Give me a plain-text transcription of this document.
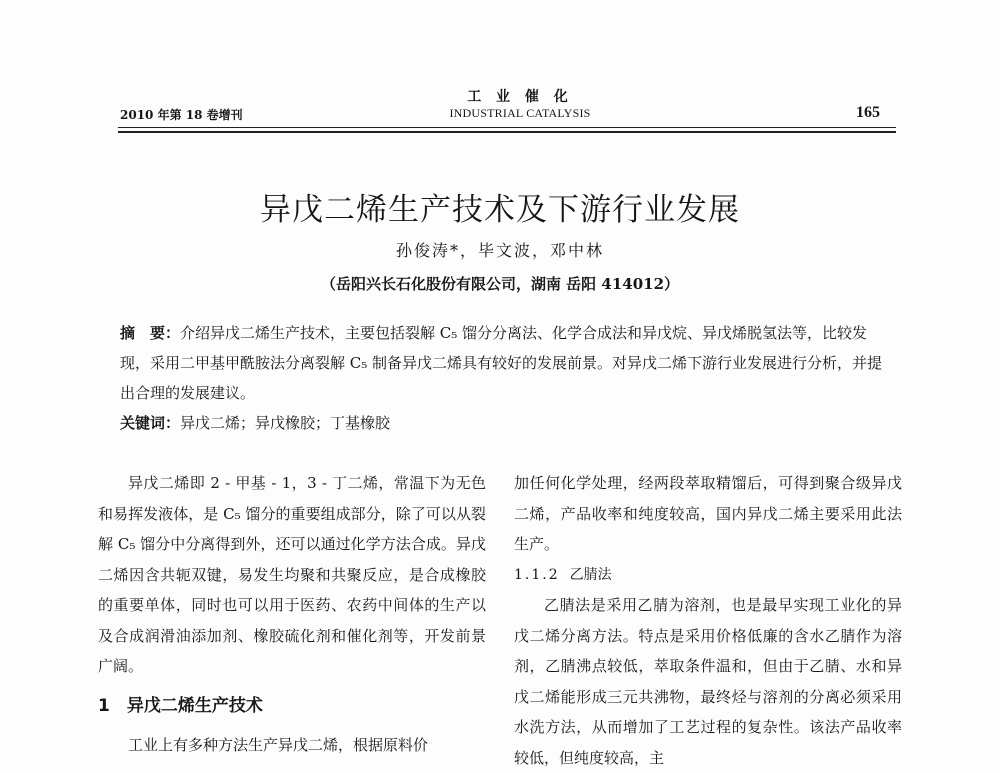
2010 年第 18 卷增刊
工 业 催 化
INDUSTRIAL CATALYSIS	165
异戊二烯生产技术及下游行业发展
孙俊涛*，毕文波，邓中林
（岳阳兴长石化股份有限公司，湖南 岳阳 414012）
摘　要：介绍异戊二烯生产技术，主要包括裂解 C₅ 馏分分离法、化学合成法和异戊烷、异戊烯脱氢法等，比较发现，采用二甲基甲酰胺法分离裂解 C₅ 制备异戊二烯具有较好的发展前景。对异戊二烯下游行业发展进行分析，并提出合理的发展建议。
关键词：异戊二烯；异戊橡胶；丁基橡胶

异戊二烯即 2 - 甲基 - 1，3 - 丁二烯，常温下为无色和易挥发液体，是 C₅ 馏分的重要组成部分，除了可以从裂解 C₅ 馏分中分离得到外，还可以通过化学方法合成。异戊二烯因含共轭双键，易发生均聚和共聚反应，是合成橡胶的重要单体，同时也可以用于医药、农药中间体的生产以及合成润滑油添加剂、橡胶硫化剂和催化剂等，开发前景广阔。

1　异戊二烯生产技术

工业上有多种方法生产异戊二烯，根据原料价

加任何化学处理，经两段萃取精馏后，可得到聚合级异戊二烯，产品收率和纯度较高，国内异戊二烯主要采用此法生产。

1.1.2 乙腈法

乙腈法是采用乙腈为溶剂，也是最早实现工业化的异戊二烯分离方法。特点是采用价格低廉的含水乙腈作为溶剂，乙腈沸点较低，萃取条件温和，但由于乙腈、水和异戊二烯能形成三元共沸物，最终烃与溶剂的分离必须采用水洗方法，从而增加了工艺过程的复杂性。该法产品收率较低，但纯度较高，主
